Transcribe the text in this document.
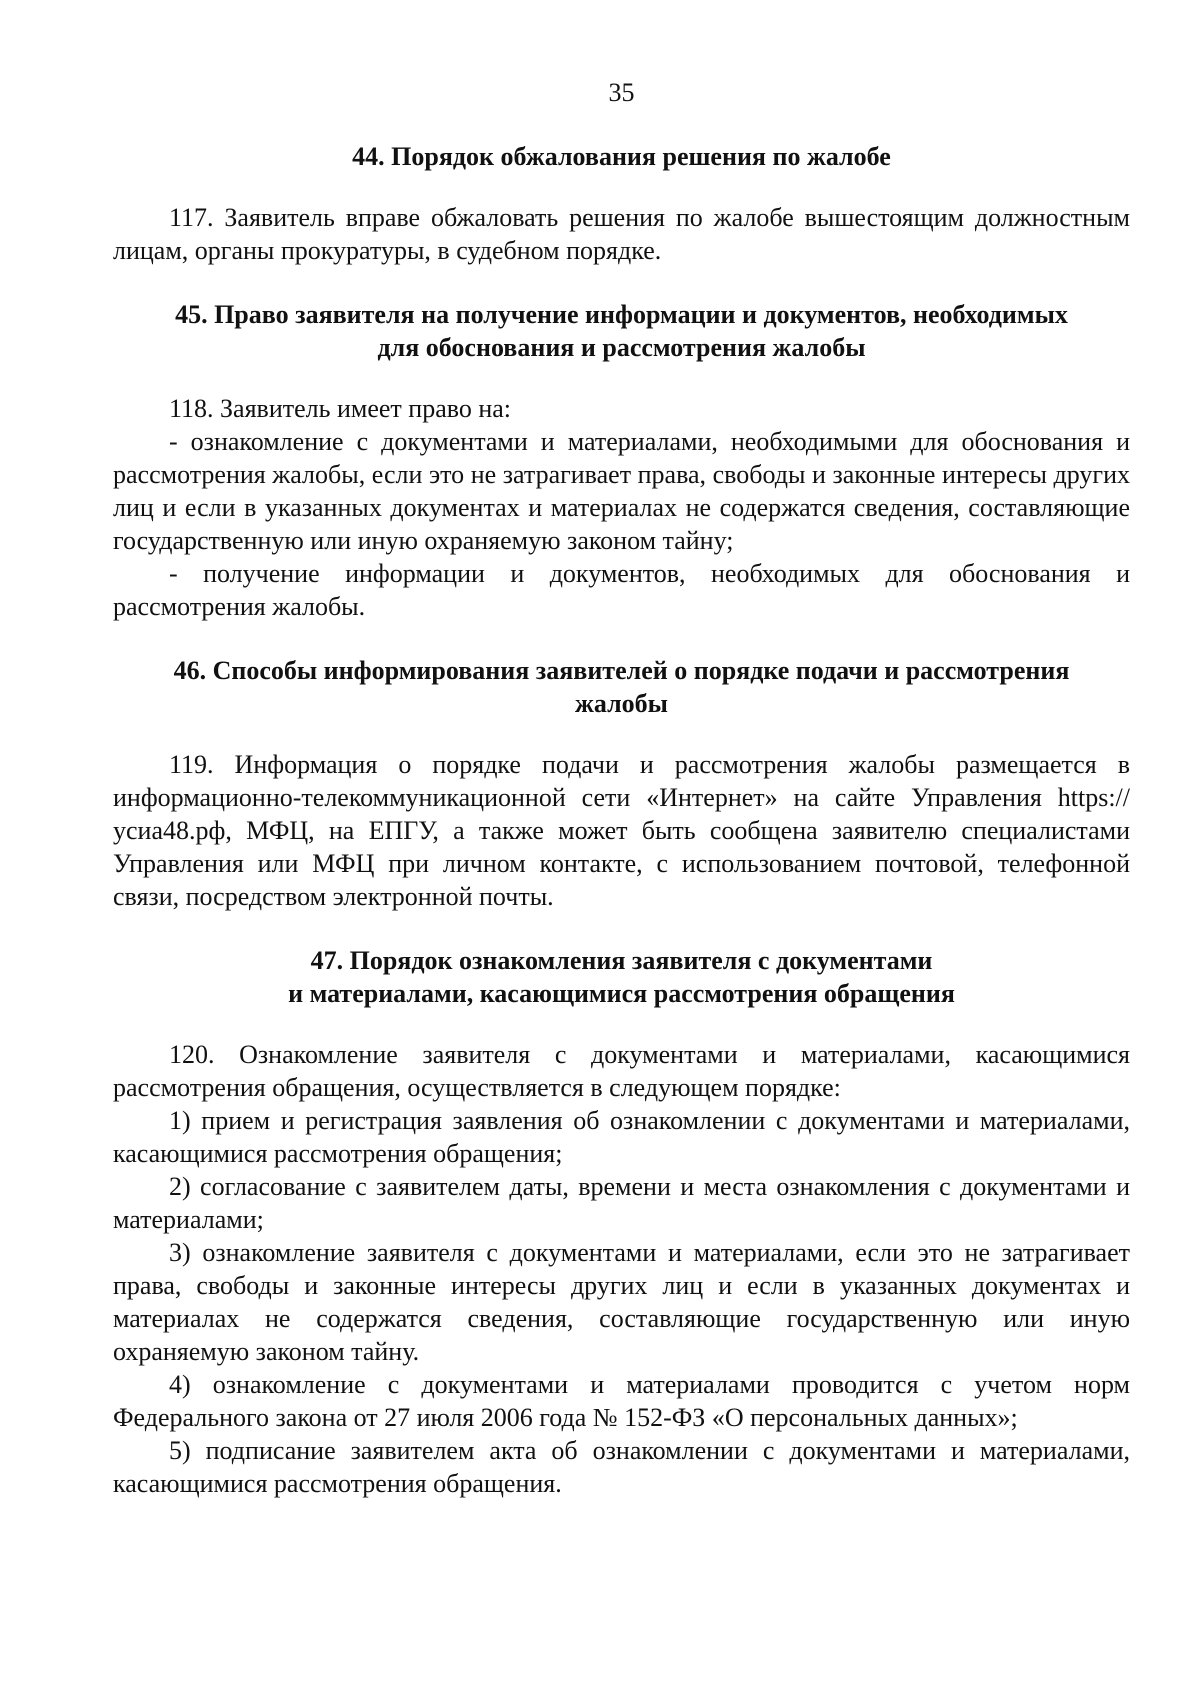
35
44. Порядок обжалования решения по жалобе

117. Заявитель вправе обжаловать решения по жалобе вышестоящим должностным лицам, органы прокуратуры, в судебном порядке.

45. Право заявителя на получение информации и документов, необходимых
для обоснования и рассмотрения жалобы

118. Заявитель имеет право на:

- ознакомление с документами и материалами, необходимыми для обоснования и рассмотрения жалобы, если это не затрагивает права, свободы и законные интересы других лиц и если в указанных документах и материалах не содержатся сведения, составляющие государственную или иную охраняемую законом тайну;

- получение информации и документов, необходимых для обоснования и рассмотрения жалобы.

46. Способы информирования заявителей о порядке подачи и рассмотрения
жалобы

119. Информация о порядке подачи и рассмотрения жалобы размещается в информационно-телекоммуникационной сети «Интернет» на сайте Управления https://усиа48.рф, МФЦ, на ЕПГУ, а также может быть сообщена заявителю специалистами Управления или МФЦ при личном контакте, с использованием почтовой, телефонной связи, посредством электронной почты.

47. Порядок ознакомления заявителя с документами
и материалами, касающимися рассмотрения обращения

120. Ознакомление заявителя с документами и материалами, касающимися рассмотрения обращения, осуществляется в следующем порядке:

1) прием и регистрация заявления об ознакомлении с документами и материалами, касающимися рассмотрения обращения;

2) согласование с заявителем даты, времени и места ознакомления с документами и материалами;

3) ознакомление заявителя с документами и материалами, если это не затрагивает права, свободы и законные интересы других лиц и если в указанных документах и материалах не содержатся сведения, составляющие государственную или иную охраняемую законом тайну.

4) ознакомление с документами и материалами проводится с учетом норм Федерального закона от 27 июля 2006 года № 152-ФЗ «О персональных данных»;

5) подписание заявителем акта об ознакомлении с документами и материалами, касающимися рассмотрения обращения.
